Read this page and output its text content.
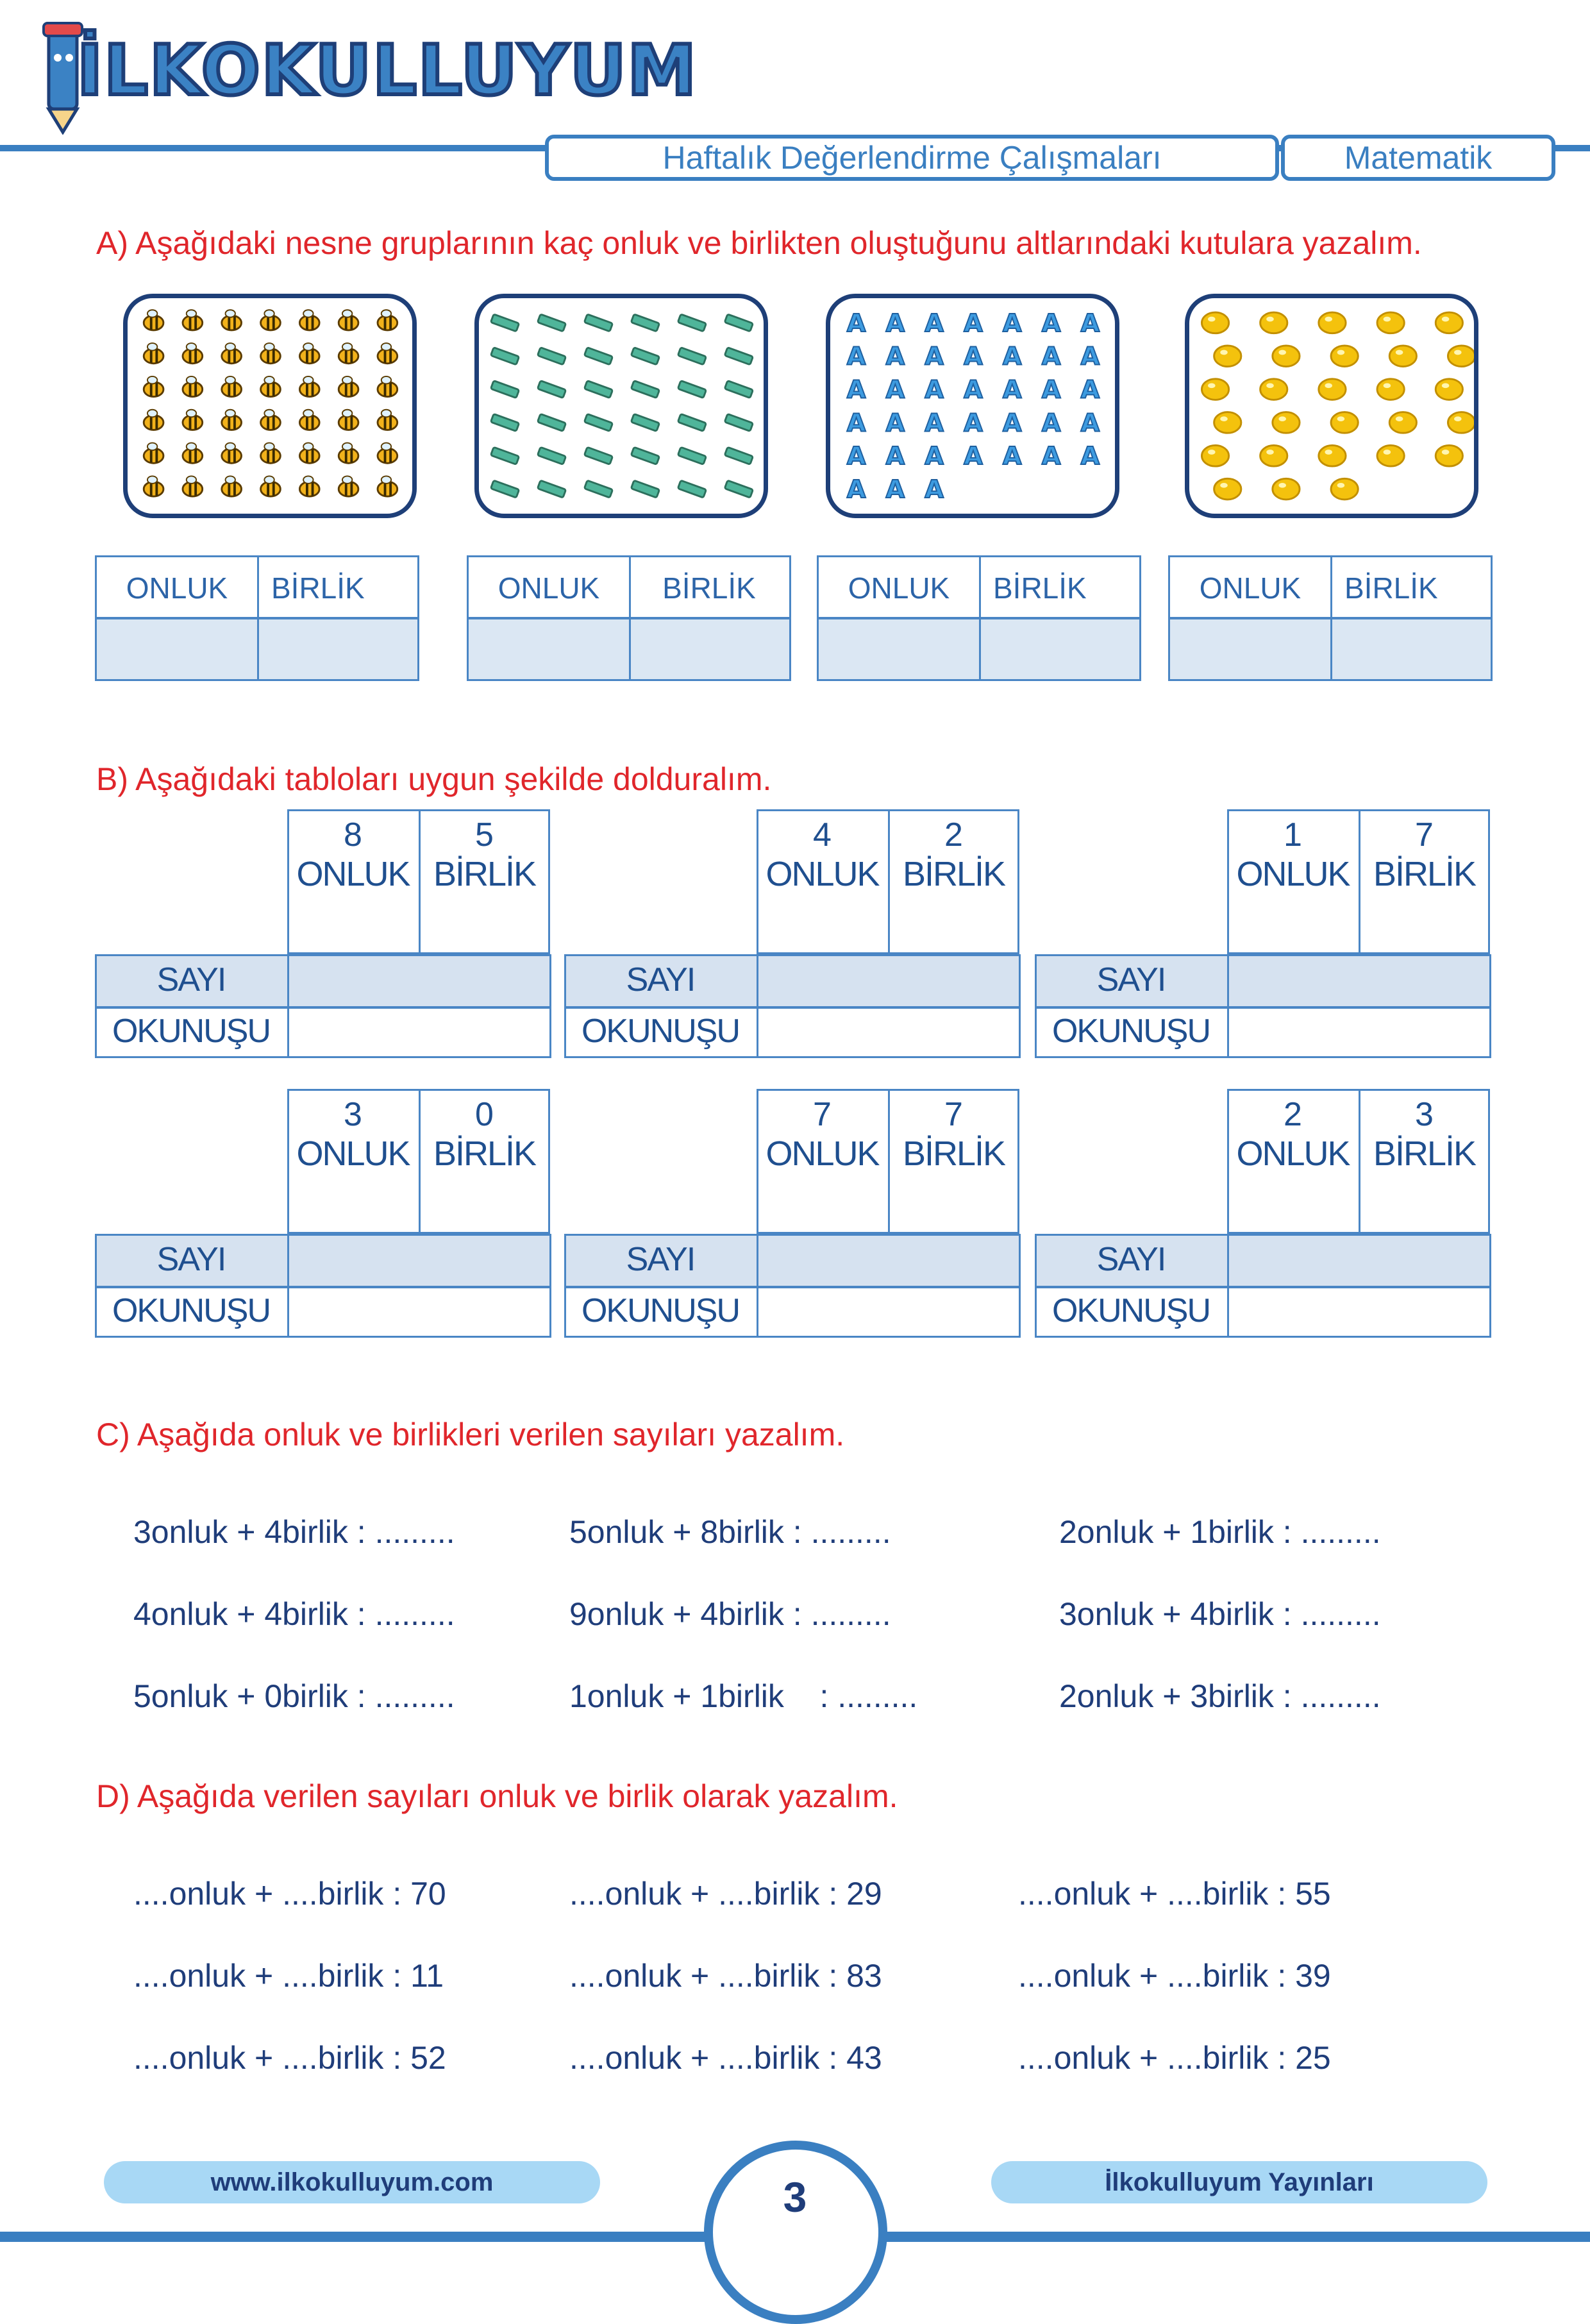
İLKOKULLUYUM
Haftalık Değerlendirme Çalışmaları	Matematik
A) Aşağıdaki nesne gruplarının kaç onluk ve birlikten oluştuğunu altlarındaki kutulara yazalım.
A A A A A A A
A A A A A A A
A A A A A A A
A A A A A A A
A A A A A A A
A A A
ONLUK	BİRLİK	ONLUK	BİRLİK	ONLUK	BİRLİK	ONLUK	BİRLİK
B) Aşağıdaki tabloları uygun şekilde dolduralım.
8	5
ONLUK BİRLİK
SAYI
OKUNUŞU
4	2
ONLUK BİRLİK
SAYI
OKUNUŞU
1	7
ONLUK BİRLİK
SAYI
OKUNUŞU
3	0
ONLUK BİRLİK
SAYI
OKUNUŞU
7	7
ONLUK BİRLİK
SAYI
OKUNUŞU
2	3
ONLUK BİRLİK
SAYI
OKUNUŞU
C) Aşağıda onluk ve birlikleri verilen sayıları yazalım.
3onluk + 4birlik : .........	5onluk + 8birlik : .........	2onluk + 1birlik : .........
4onluk + 4birlik : .........	9onluk + 4birlik : .........	3onluk + 4birlik : .........
5onluk + 0birlik : .........	1onluk + 1birlik    : .........	2onluk + 3birlik : .........
D) Aşağıda verilen sayıları onluk ve birlik olarak yazalım.
....onluk + ....birlik : 70	....onluk + ....birlik : 29	....onluk + ....birlik : 55
....onluk + ....birlik : 11	....onluk + ....birlik : 83	....onluk + ....birlik : 39
....onluk + ....birlik : 52	....onluk + ....birlik : 43	....onluk + ....birlik : 25
www.ilkokulluyum.com	İlkokulluyum Yayınları
3
